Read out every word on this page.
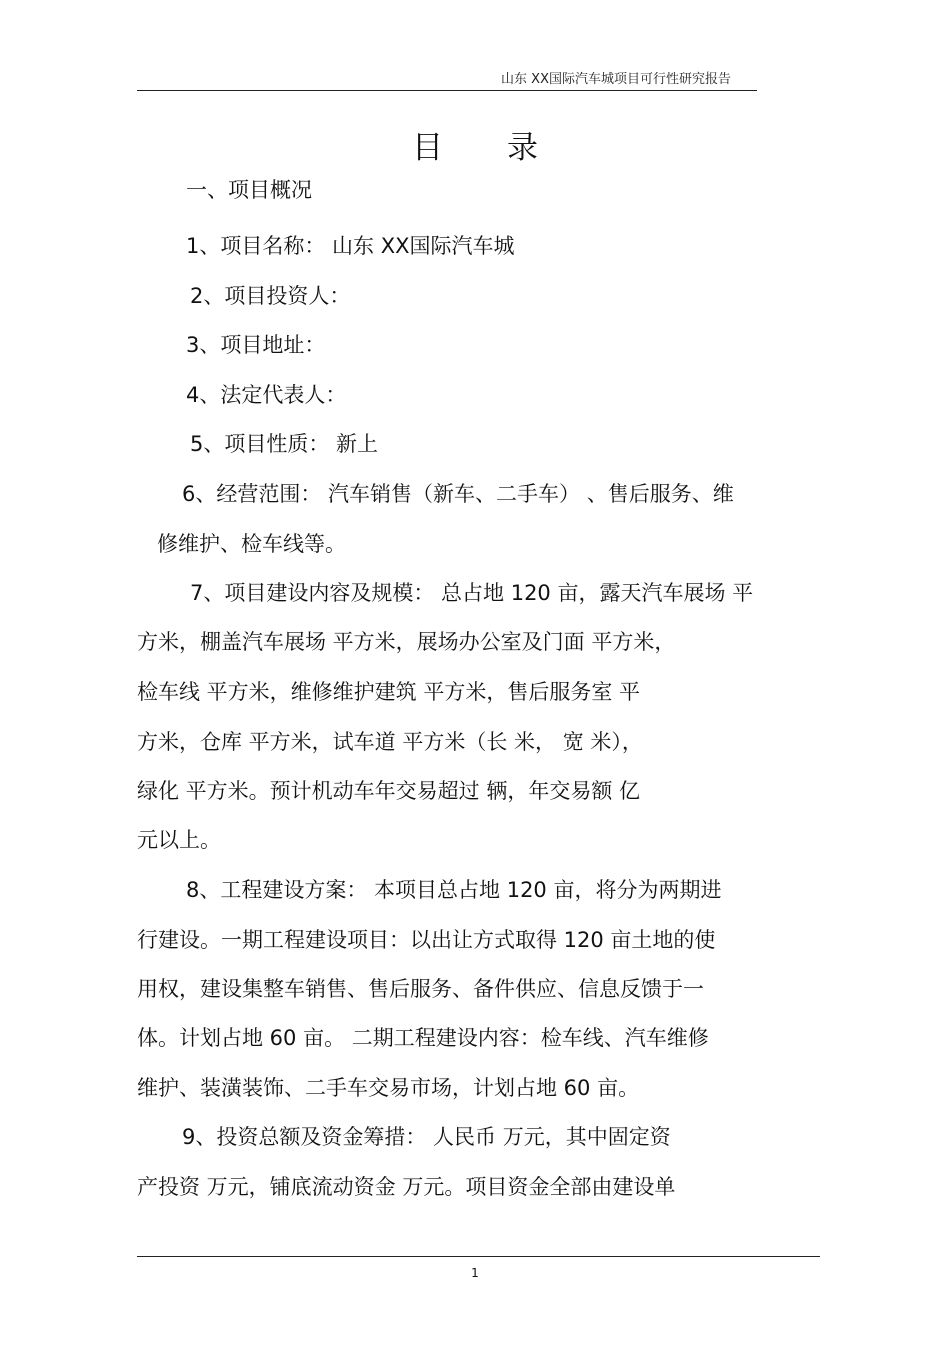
山东 XX国际汽车城项目可行性研究报告
目 录
一、项目概况
1、项目名称： 山东 XX国际汽车城
2、项目投资人：
3、项目地址：
4、法定代表人：
5、项目性质： 新上
6、经营范围： 汽车销售（新车、二手车） 、售后服务、维
修维护、检车线等。
7、项目建设内容及规模： 总占地 120 亩，露天汽车展场 平
方米，棚盖汽车展场 平方米，展场办公室及门面 平方米，
检车线 平方米，维修维护建筑 平方米，售后服务室 平
方米，仓库 平方米，试车道 平方米（长 米， 宽 米），
绿化 平方米。预计机动车年交易超过 辆，年交易额 亿
元以上。
8、工程建设方案： 本项目总占地 120 亩，将分为两期进
行建设。一期工程建设项目：以出让方式取得 120 亩土地的使
用权，建设集整车销售、售后服务、备件供应、信息反馈于一
体。计划占地 60 亩。 二期工程建设内容：检车线、汽车维修
维护、装潢装饰、二手车交易市场，计划占地 60 亩。
9、投资总额及资金筹措： 人民币 万元，其中固定资
产投资 万元，铺底流动资金 万元。项目资金全部由建设单
1
